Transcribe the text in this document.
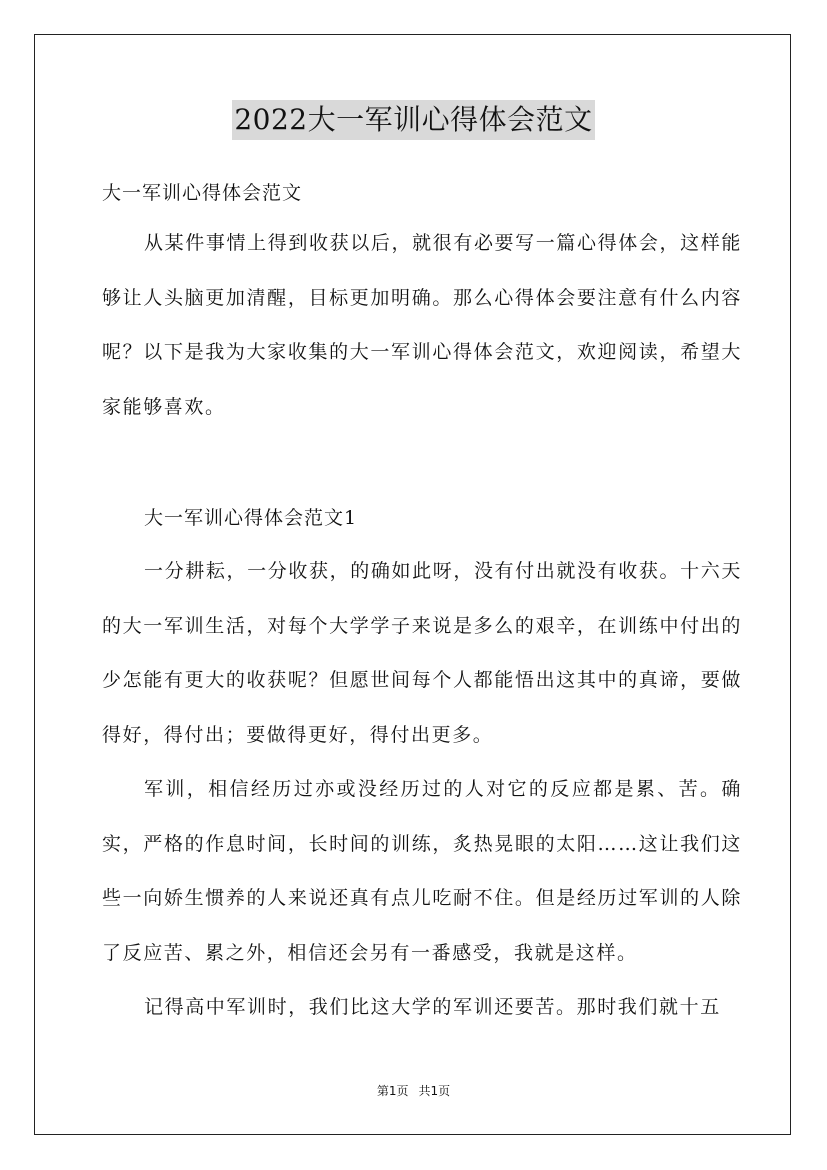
2022大一军训心得体会范文
大一军训心得体会范文

从某件事情上得到收获以后，就很有必要写一篇心得体会，这样能够让人头脑更加清醒，目标更加明确。那么心得体会要注意有什么内容呢？以下是我为大家收集的大一军训心得体会范文，欢迎阅读，希望大家能够喜欢。

大一军训心得体会范文1

一分耕耘，一分收获，的确如此呀，没有付出就没有收获。十六天的大一军训生活，对每个大学学子来说是多么的艰辛，在训练中付出的少怎能有更大的收获呢？但愿世间每个人都能悟出这其中的真谛，要做得好，得付出；要做得更好，得付出更多。

军训，相信经历过亦或没经历过的人对它的反应都是累、苦。确实，严格的作息时间，长时间的训练，炙热晃眼的太阳……这让我们这些一向娇生惯养的人来说还真有点儿吃耐不住。但是经历过军训的人除了反应苦、累之外，相信还会另有一番感受，我就是这样。

记得高中军训时，我们比这大学的军训还要苦。那时我们就十五

第1页 共1页
